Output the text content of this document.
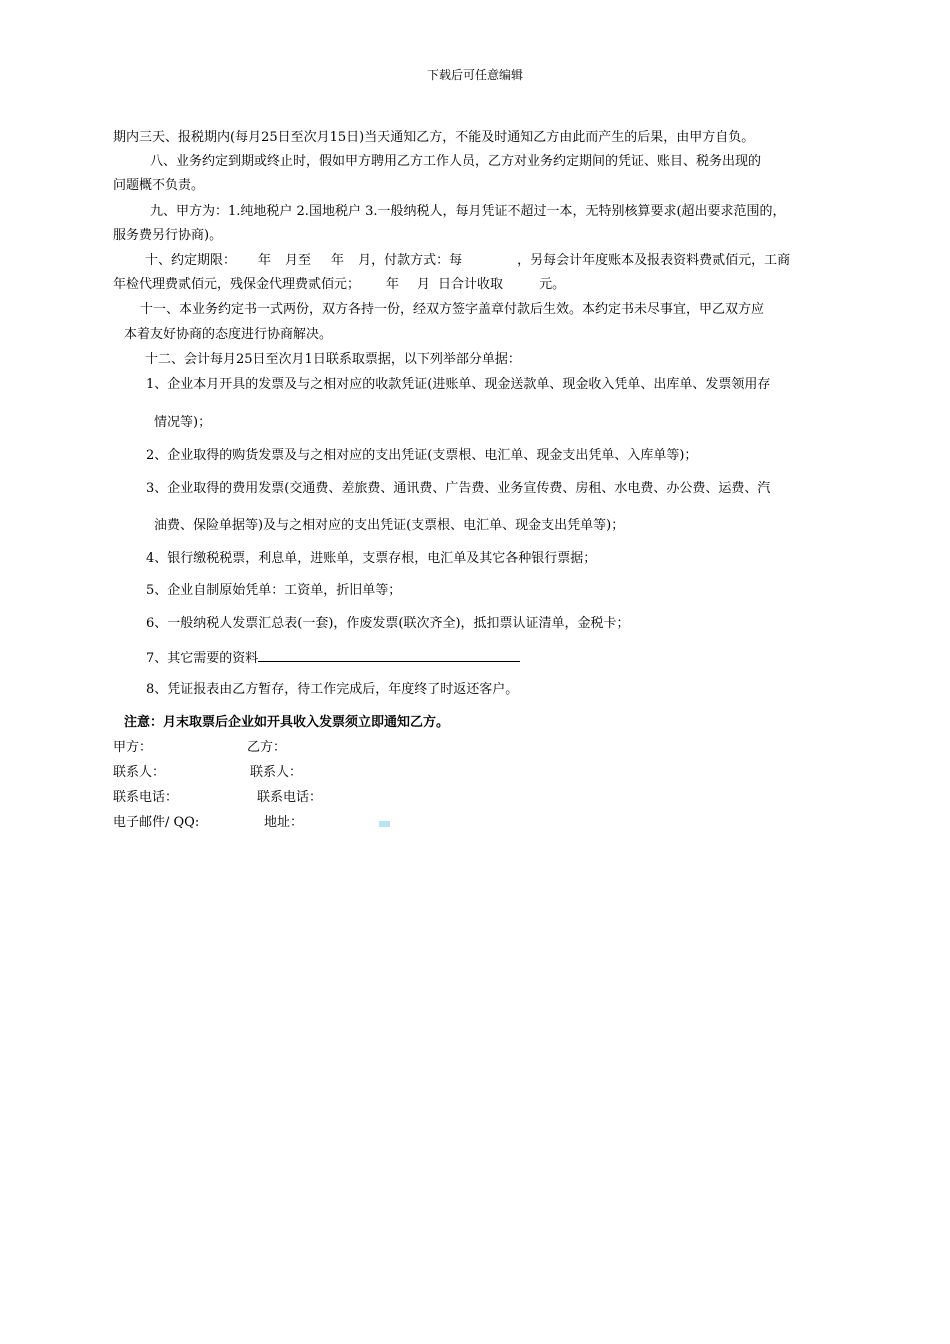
下载后可任意编辑
期内三天、报税期内(每月25日至次月15日)当天通知乙方，不能及时通知乙方由此而产生的后果，由甲方自负。
八、业务约定到期或终止时，假如甲方聘用乙方工作人员，乙方对业务约定期间的凭证、账目、税务出现的
问题概不负责。
九、甲方为：1.纯地税户 2.国地税户 3.一般纳税人，每月凭证不超过一本，无特别核算要求(超出要求范围的，
服务费另行协商)。
十、约定期限： 年 月至 年 月，付款方式：每	，另每会计年度账本及报表资料费贰佰元，工商
年检代理费贰佰元，残保金代理费贰佰元； 年 月 日合计收取	元。
十一、本业务约定书一式两份，双方各持一份，经双方签字盖章付款后生效。本约定书未尽事宜，甲乙双方应
本着友好协商的态度进行协商解决。
十二、会计每月25日至次月1日联系取票据，以下列举部分单据：
1、企业本月开具的发票及与之相对应的收款凭证(进账单、现金送款单、现金收入凭单、出库单、发票领用存
情况等)；
2、企业取得的购货发票及与之相对应的支出凭证(支票根、电汇单、现金支出凭单、入库单等)；
3、企业取得的费用发票(交通费、差旅费、通讯费、广告费、业务宣传费、房租、水电费、办公费、运费、汽
油费、保险单据等)及与之相对应的支出凭证(支票根、电汇单、现金支出凭单等)；
4、银行缴税税票，利息单，进账单，支票存根，电汇单及其它各种银行票据；
5、企业自制原始凭单：工资单，折旧单等；
6、一般纳税人发票汇总表(一套)，作废发票(联次齐全)，抵扣票认证清单，金税卡；
7、其它需要的资料
8、凭证报表由乙方暂存，待工作完成后，年度终了时返还客户。
注意：月末取票后企业如开具收入发票须立即通知乙方。
甲方：	乙方：
联系人：	联系人：
联系电话：	联系电话：
电子邮件/ QQ:	地址：
